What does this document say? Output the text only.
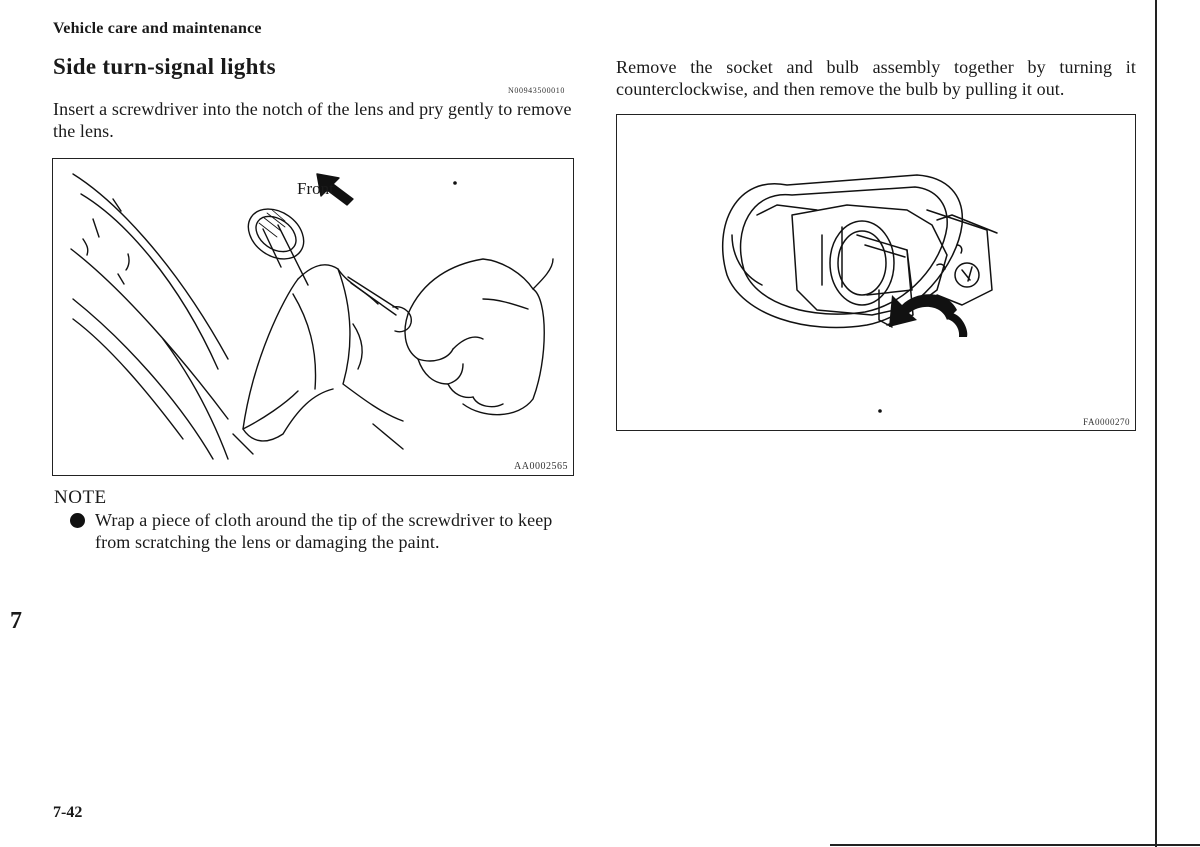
Vehicle care and maintenance
Side turn-signal lights
N00943500010
Insert a screwdriver into the notch of the lens and pry gently to remove the lens.
Front
AA0002565
NOTE
Wrap a piece of cloth around the tip of the screwdriver to keep from scratching the lens or damaging the paint.
Remove the socket and bulb assembly together by turning it counterclockwise, and then remove the bulb by pulling it out.
FA0000270
7
7-42
